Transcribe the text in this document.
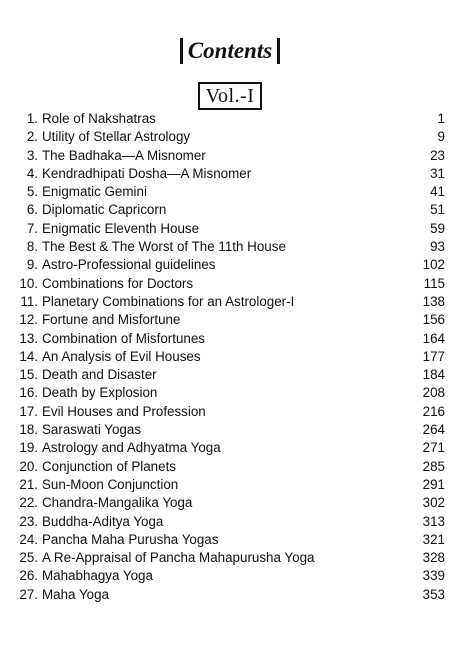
Contents
Vol.-I
1. Role of Nakshatras	1
2. Utility of Stellar Astrology	9
3. The Badhaka—A Misnomer	23
4. Kendradhipati Dosha—A Misnomer	31
5. Enigmatic Gemini	41
6. Diplomatic Capricorn	51
7. Enigmatic Eleventh House	59
8. The Best & The Worst of The 11th House	93
9. Astro-Professional guidelines	102
10. Combinations for Doctors	115
11. Planetary Combinations for an Astrologer-I	138
12. Fortune and Misfortune	156
13. Combination of Misfortunes	164
14. An Analysis of Evil Houses	177
15. Death and Disaster	184
16. Death by Explosion	208
17. Evil Houses and Profession	216
18. Saraswati Yogas	264
19. Astrology and Adhyatma Yoga	271
20. Conjunction of Planets	285
21. Sun-Moon Conjunction	291
22. Chandra-Mangalika Yoga	302
23. Buddha-Aditya Yoga	313
24. Pancha Maha Purusha Yogas	321
25. A Re-Appraisal of Pancha Mahapurusha Yoga	328
26. Mahabhagya Yoga	339
27. Maha Yoga	353
